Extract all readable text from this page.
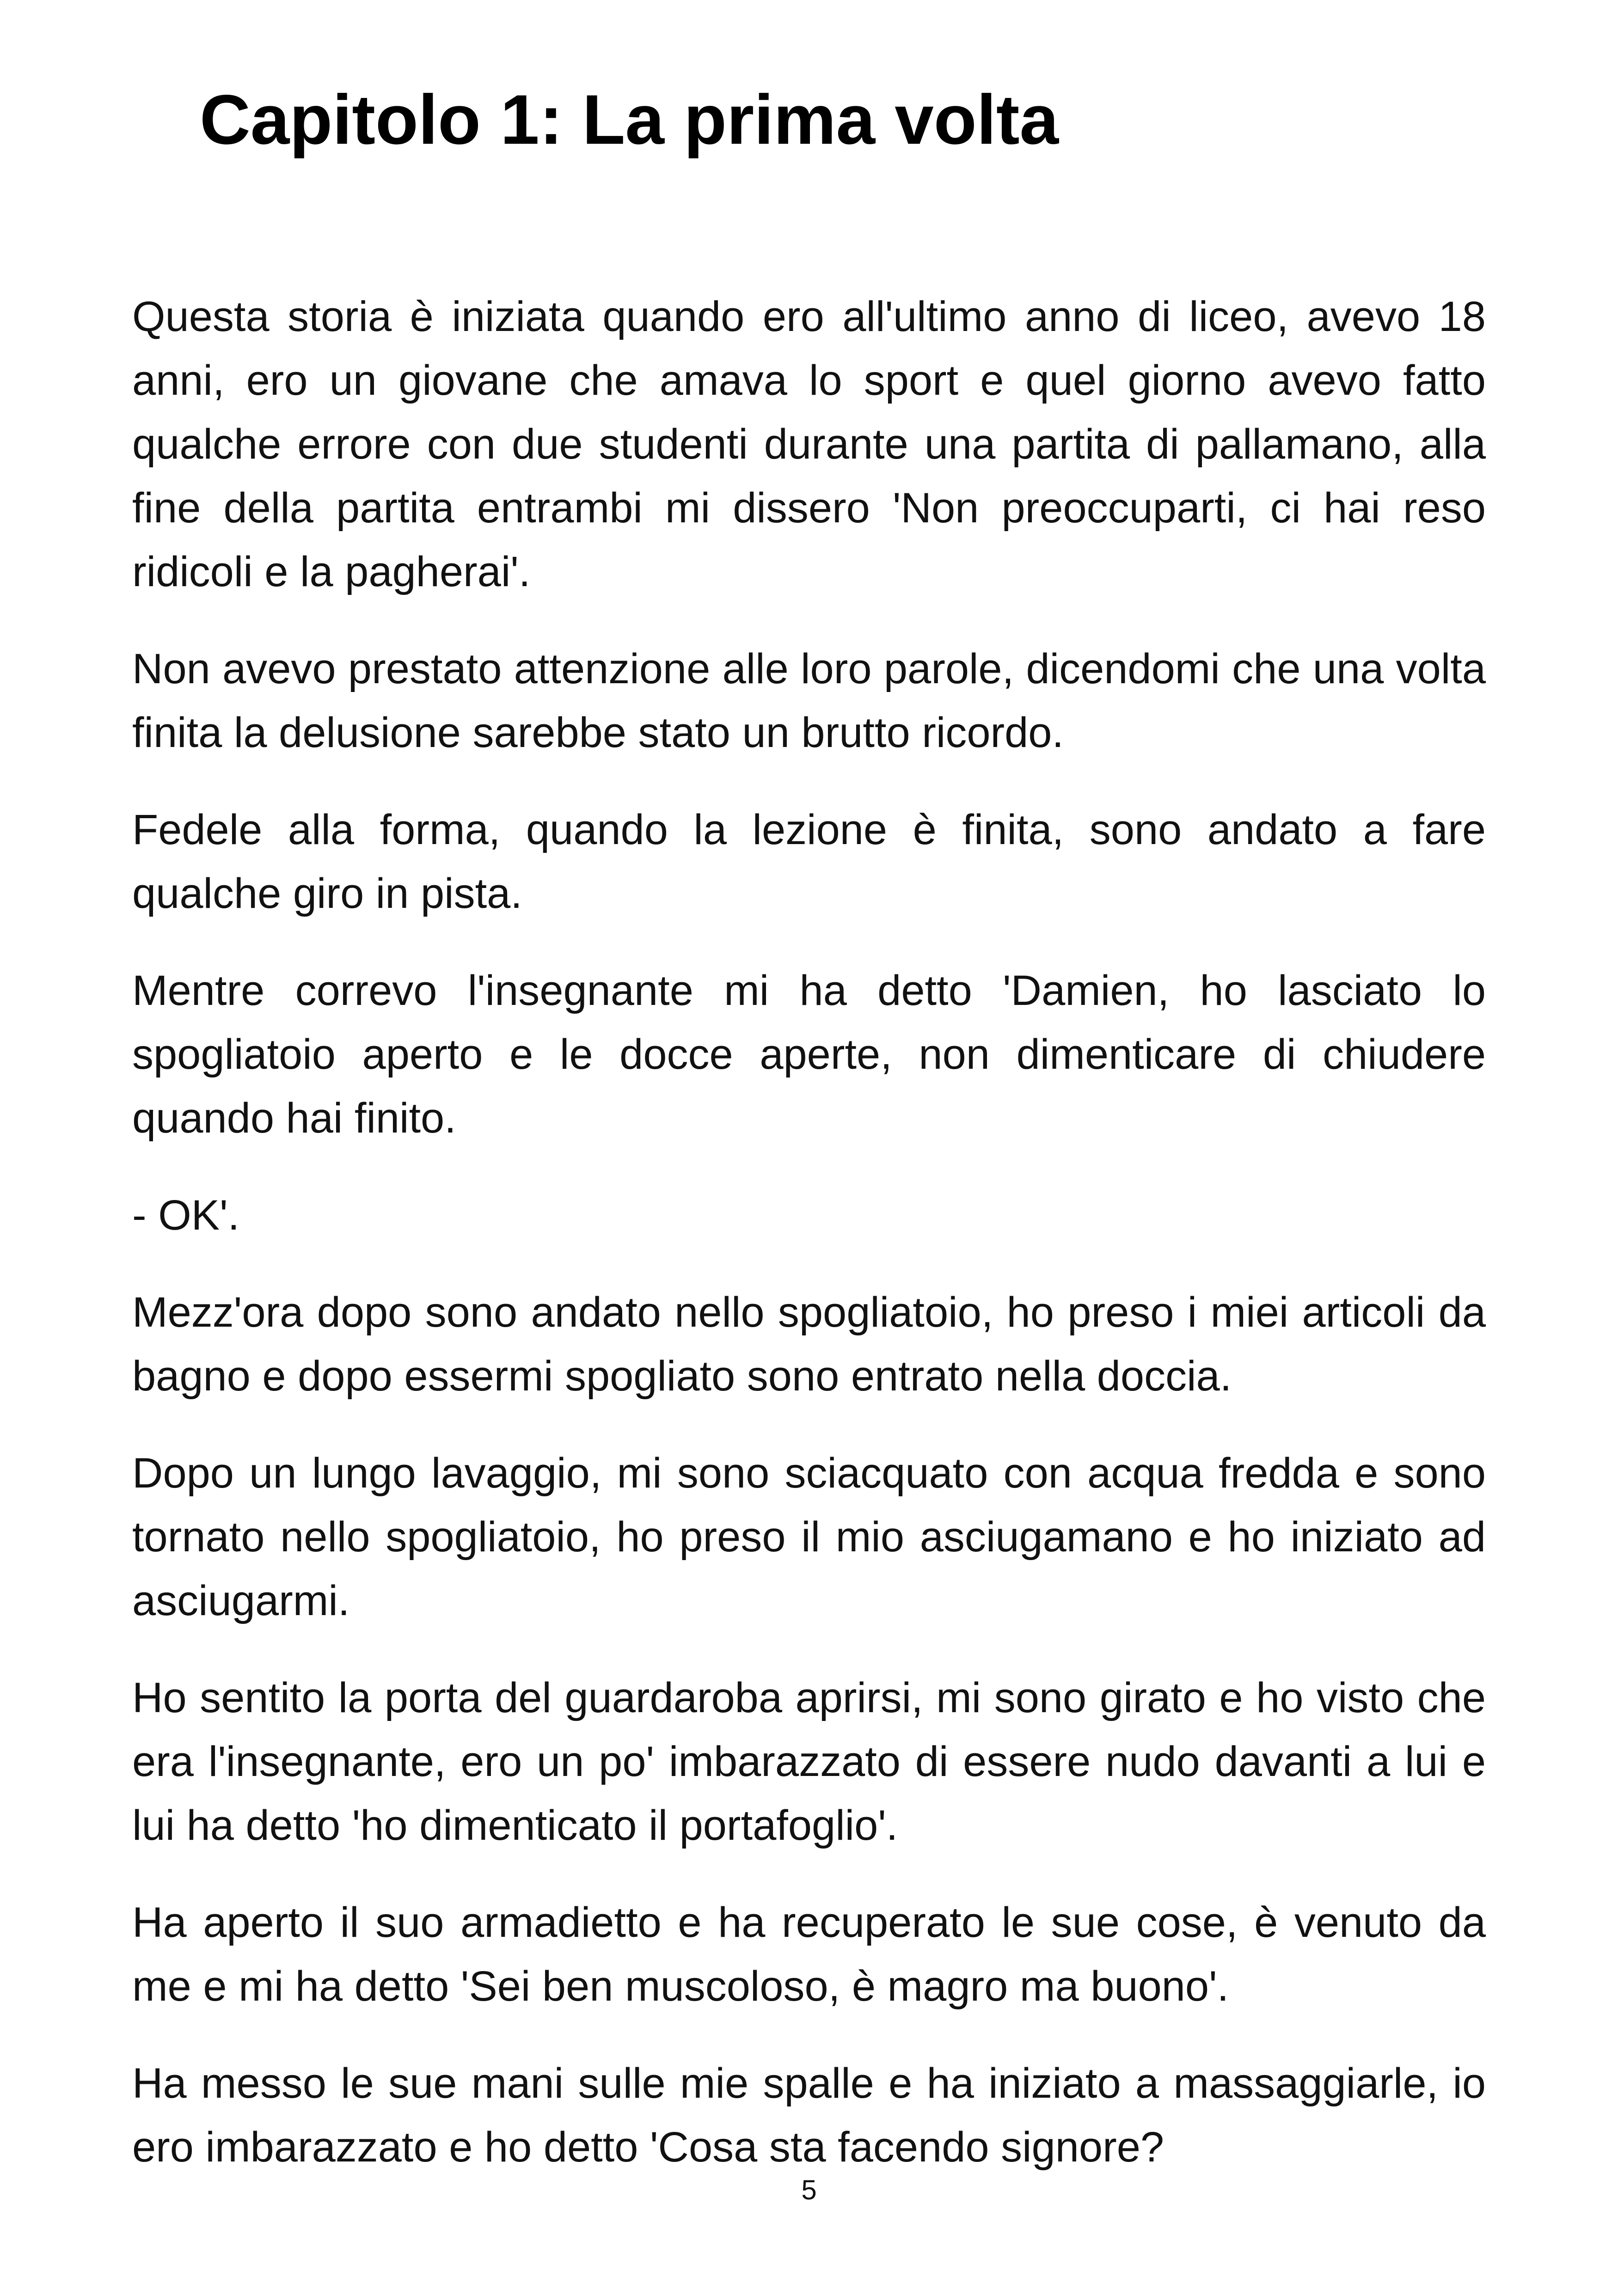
Capitolo 1: La prima volta

Questa storia è iniziata quando ero all'ultimo anno di liceo, avevo 18 anni, ero un giovane che amava lo sport e quel giorno avevo fatto qualche errore con due studenti durante una partita di pallamano, alla fine della partita entrambi mi dissero 'Non preoccuparti, ci hai reso ridicoli e la pagherai'.

Non avevo prestato attenzione alle loro parole, dicendomi che una volta finita la delusione sarebbe stato un brutto ricordo.

Fedele alla forma, quando la lezione è finita, sono andato a fare qualche giro in pista.

Mentre correvo l'insegnante mi ha detto 'Damien, ho lasciato lo spogliatoio aperto e le docce aperte, non dimenticare di chiudere quando hai finito.

- OK'.

Mezz'ora dopo sono andato nello spogliatoio, ho preso i miei articoli da bagno e dopo essermi spogliato sono entrato nella doccia.

Dopo un lungo lavaggio, mi sono sciacquato con acqua fredda e sono tornato nello spogliatoio, ho preso il mio asciugamano e ho iniziato ad asciugarmi.

Ho sentito la porta del guardaroba aprirsi, mi sono girato e ho visto che era l'insegnante, ero un po' imbarazzato di essere nudo davanti a lui e lui ha detto 'ho dimenticato il portafoglio'.

Ha aperto il suo armadietto e ha recuperato le sue cose, è venuto da me e mi ha detto 'Sei ben muscoloso, è magro ma buono'.

Ha messo le sue mani sulle mie spalle e ha iniziato a massaggiarle, io ero imbarazzato e ho detto 'Cosa sta facendo signore?

5
